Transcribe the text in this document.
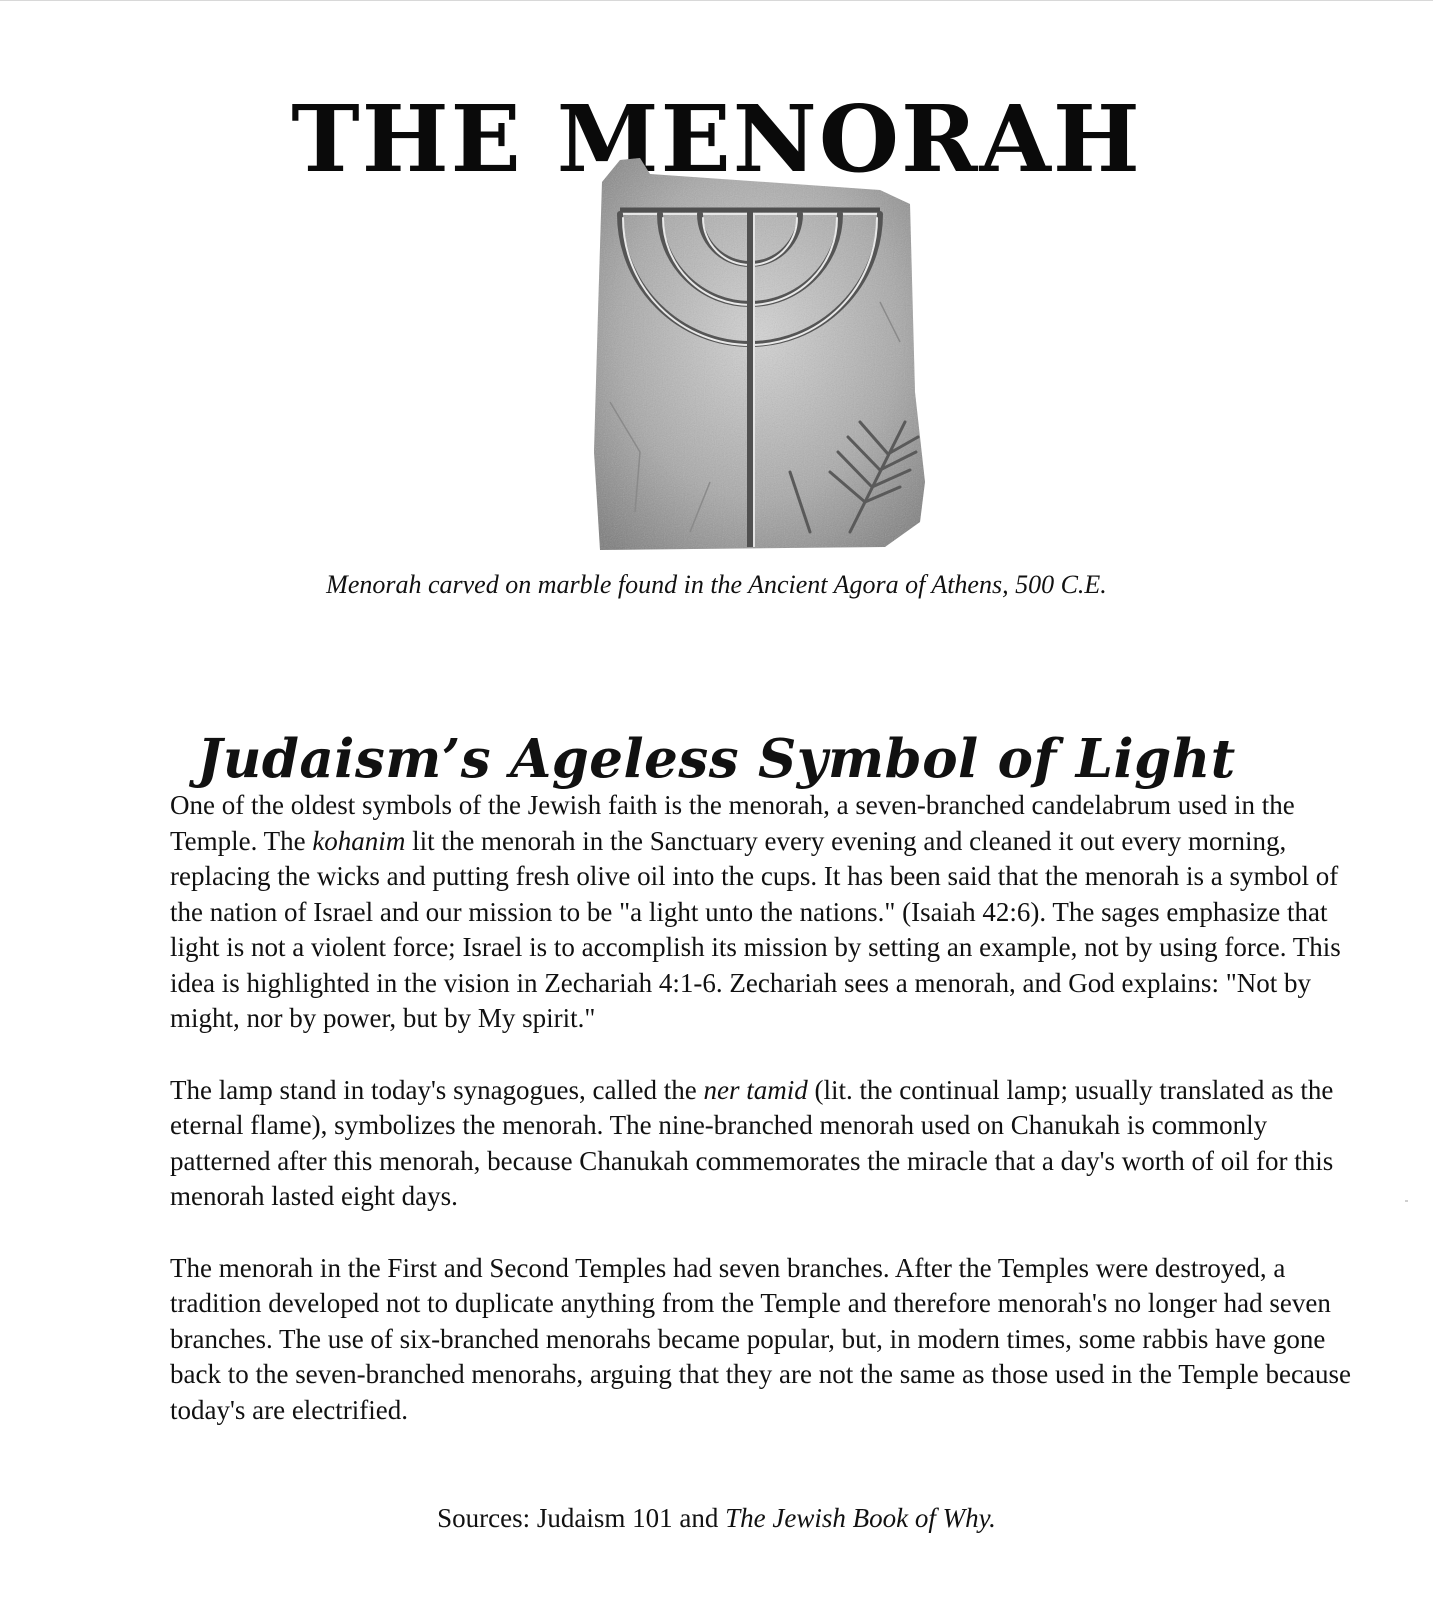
THE MENORAH
Menorah carved on marble found in the Ancient Agora of Athens, 500 C.E.
Judaism’s Ageless Symbol of Light

One of the oldest symbols of the Jewish faith is the menorah, a seven-branched candelabrum used in the Temple. The kohanim lit the menorah in the Sanctuary every evening and cleaned it out every morning, replacing the wicks and putting fresh olive oil into the cups. It has been said that the menorah is a symbol of the nation of Israel and our mission to be "a light unto the nations." (Isaiah 42:6). The sages emphasize that light is not a violent force; Israel is to accomplish its mission by setting an example, not by using force. This idea is highlighted in the vision in Zechariah 4:1-6. Zechariah sees a menorah, and God explains: "Not by might, nor by power, but by My spirit."

The lamp stand in today's synagogues, called the ner tamid (lit. the continual lamp; usually translated as the eternal flame), symbolizes the menorah. The nine-branched menorah used on Chanukah is commonly patterned after this menorah, because Chanukah commemorates the miracle that a day's worth of oil for this menorah lasted eight days.

The menorah in the First and Second Temples had seven branches. After the Temples were destroyed, a tradition developed not to duplicate anything from the Temple and therefore menorah's no longer had seven branches. The use of six-branched menorahs became popular, but, in modern times, some rabbis have gone back to the seven-branched menorahs, arguing that they are not the same as those used in the Temple because today's are electrified.

Sources: Judaism 101 and The Jewish Book of Why.
